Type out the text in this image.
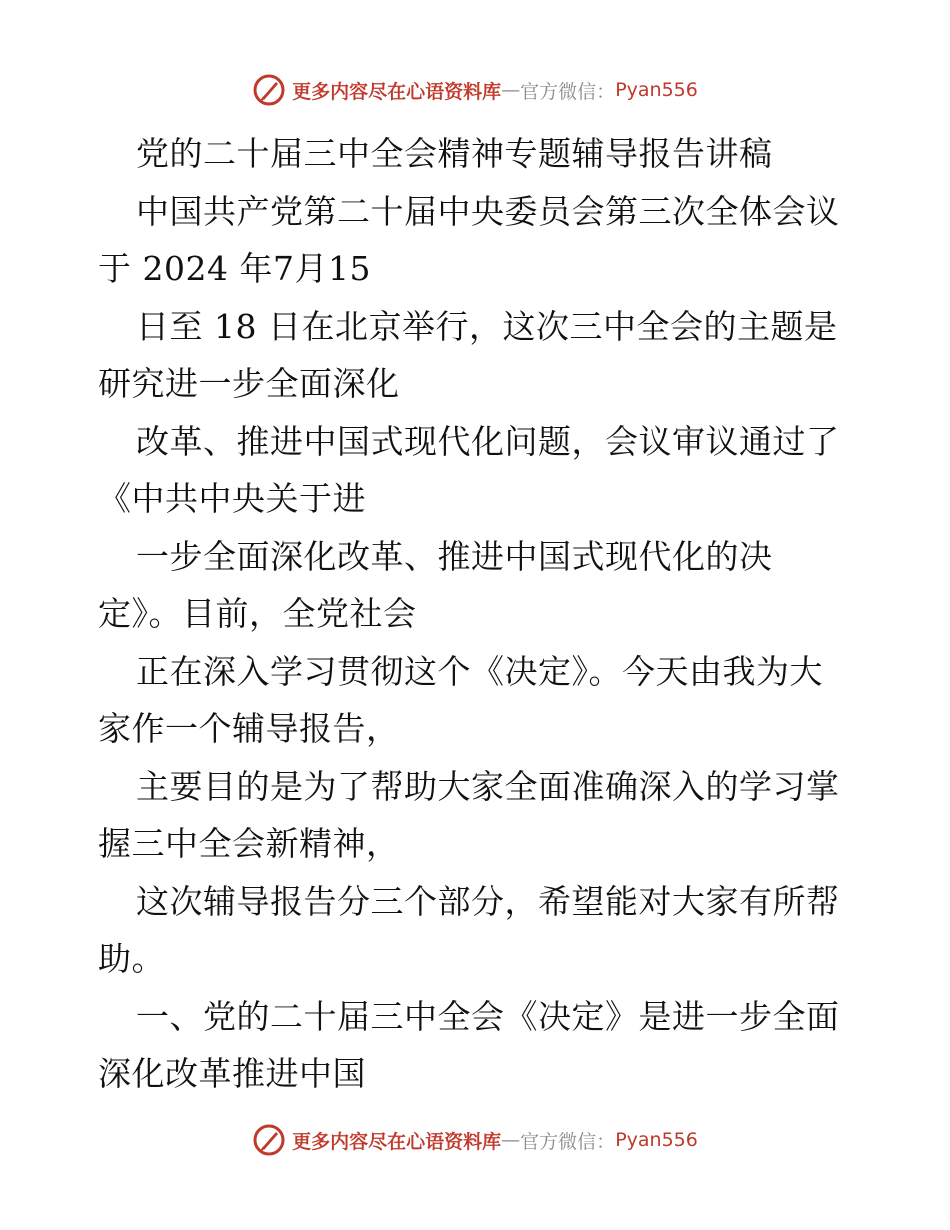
更多内容尽在心语资料库 — 官方微信： Pyan556
党的二十届三中全会精神专题辅导报告讲稿
中国共产党第二十届中央委员会第三次全体会议
于 2024 年7月15
日至 18 日在北京举行，这次三中全会的主题是
研究进一步全面深化
改革、推进中国式现代化问题，会议审议通过了
《中共中央关于进
一步全面深化改革、推进中国式现代化的决
定》。目前，全党社会
正在深入学习贯彻这个《决定》。今天由我为大
家作一个辅导报告，
主要目的是为了帮助大家全面准确深入的学习掌
握三中全会新精神，
这次辅导报告分三个部分，希望能对大家有所帮
助。
一、党的二十届三中全会《决定》是进一步全面
深化改革推进中国
更多内容尽在心语资料库 — 官方微信： Pyan556
